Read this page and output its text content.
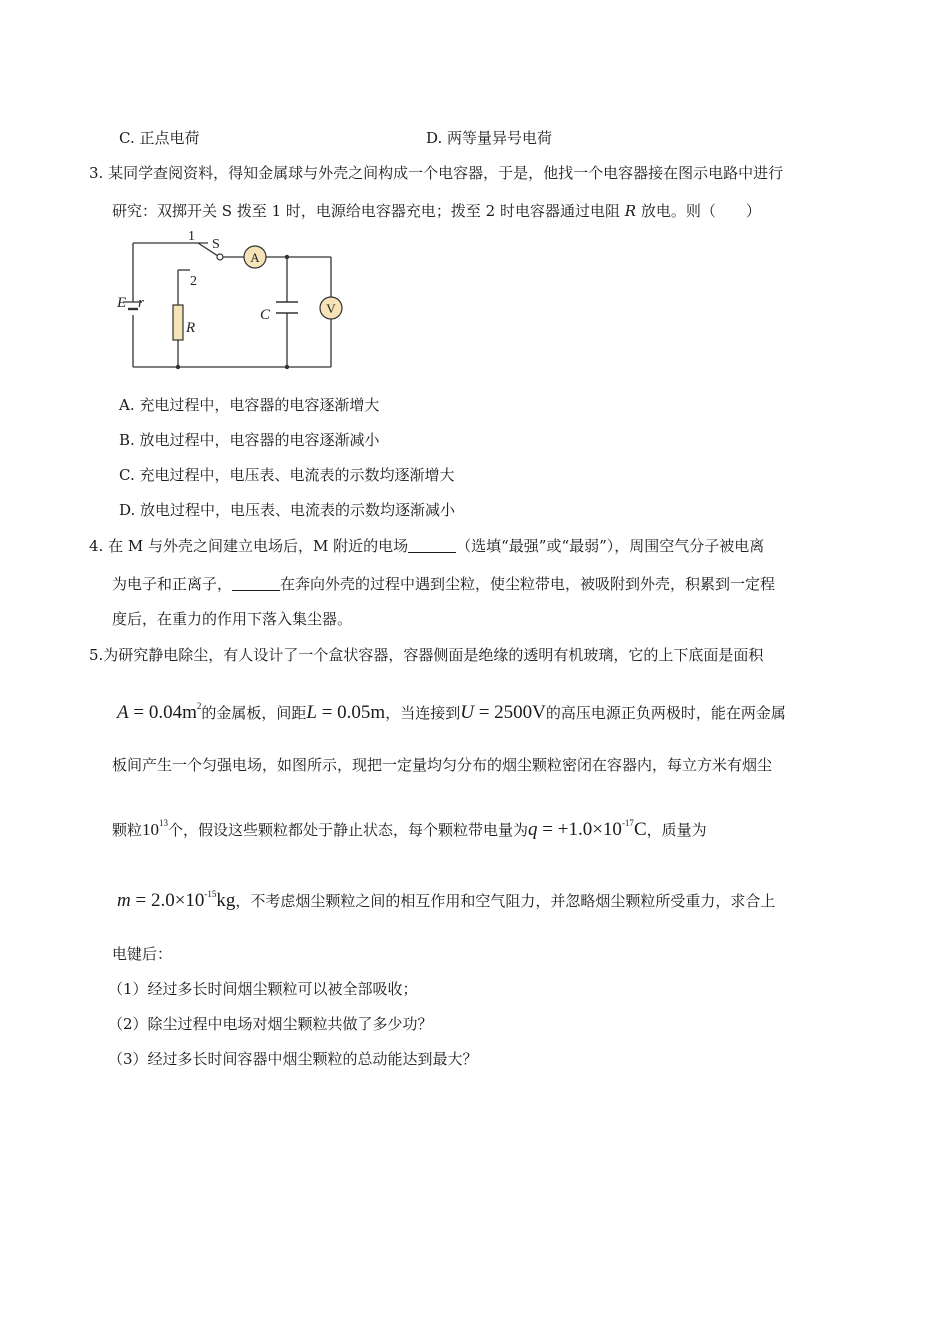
C. 正点电荷	D. 两等量异号电荷
3. 某同学查阅资料，得知金属球与外壳之间构成一个电容器，于是，他找一个电容器接在图示电路中进行
研究：双掷开关 S 拨至 1 时，电源给电容器充电；拨至 2 时电容器通过电阻 R 放电。则（　　）
A
V
1
S
2
E r
R
C
A. 充电过程中，电容器的电容逐渐增大
B. 放电过程中，电容器的电容逐渐减小
C. 充电过程中，电压表、电流表的示数均逐渐增大
D. 放电过程中，电压表、电流表的示数均逐渐减小
4. 在 M 与外壳之间建立电场后，M 附近的电场	（选填“最强”或“最弱”），周围空气分子被电离
为电子和正离子，	在奔向外壳的过程中遇到尘粒，使尘粒带电，被吸附到外壳，积累到一定程
度后，在重力的作用下落入集尘器。
5.为研究静电除尘，有人设计了一个盒状容器，容器侧面是绝缘的透明有机玻璃，它的上下底面是面积
$A = 0.04m^2$的金属板，间距L = 0.05m，当连接到U = 2500V的高压电源正负两极时，能在两金属
板间产生一个匀强电场，如图所示，现把一定量均匀分布的烟尘颗粒密闭在容器内，每立方米有烟尘
颗粒$10^{13}$个，假设这些颗粒都处于静止状态，每个颗粒带电量为$q = +1.0\times 10^{-17}C$，质量为
$m = 2.0\times 10^{-15}kg$，不考虑烟尘颗粒之间的相互作用和空气阻力，并忽略烟尘颗粒所受重力，求合上
电键后：
（1）经过多长时间烟尘颗粒可以被全部吸收；
（2）除尘过程中电场对烟尘颗粒共做了多少功？
（3）经过多长时间容器中烟尘颗粒的总动能达到最大？
